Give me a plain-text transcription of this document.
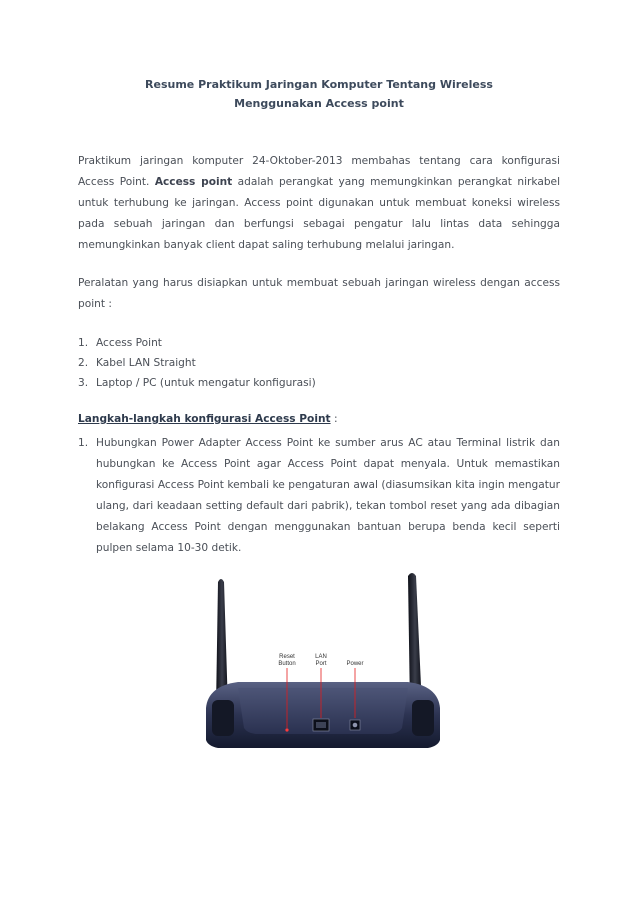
Resume Praktikum Jaringan Komputer Tentang Wireless
Menggunakan Access point

Praktikum jaringan komputer 24-Oktober-2013 membahas tentang cara konfigurasi Access Point. Access point adalah perangkat yang memungkinkan perangkat nirkabel untuk terhubung ke jaringan. Access point digunakan untuk membuat koneksi wireless pada sebuah jaringan dan berfungsi sebagai pengatur lalu lintas data sehingga memungkinkan banyak client dapat saling terhubung melalui jaringan.

Peralatan yang harus disiapkan untuk membuat sebuah jaringan wireless dengan access point :

1. Access Point
2. Kabel LAN Straight
3. Laptop / PC (untuk mengatur konfigurasi)
Langkah-langkah konfigurasi Access Point :
1. Hubungkan Power Adapter Access Point ke sumber arus AC atau Terminal listrik dan hubungkan ke Access Point agar Access Point dapat menyala. Untuk memastikan konfigurasi Access Point kembali ke pengaturan awal (diasumsikan kita ingin mengatur ulang, dari keadaan setting default dari pabrik), tekan tombol reset yang ada dibagian belakang Access Point dengan menggunakan bantuan berupa benda kecil seperti pulpen selama 10-30 detik.
Reset
Button
LAN
Port	Power
